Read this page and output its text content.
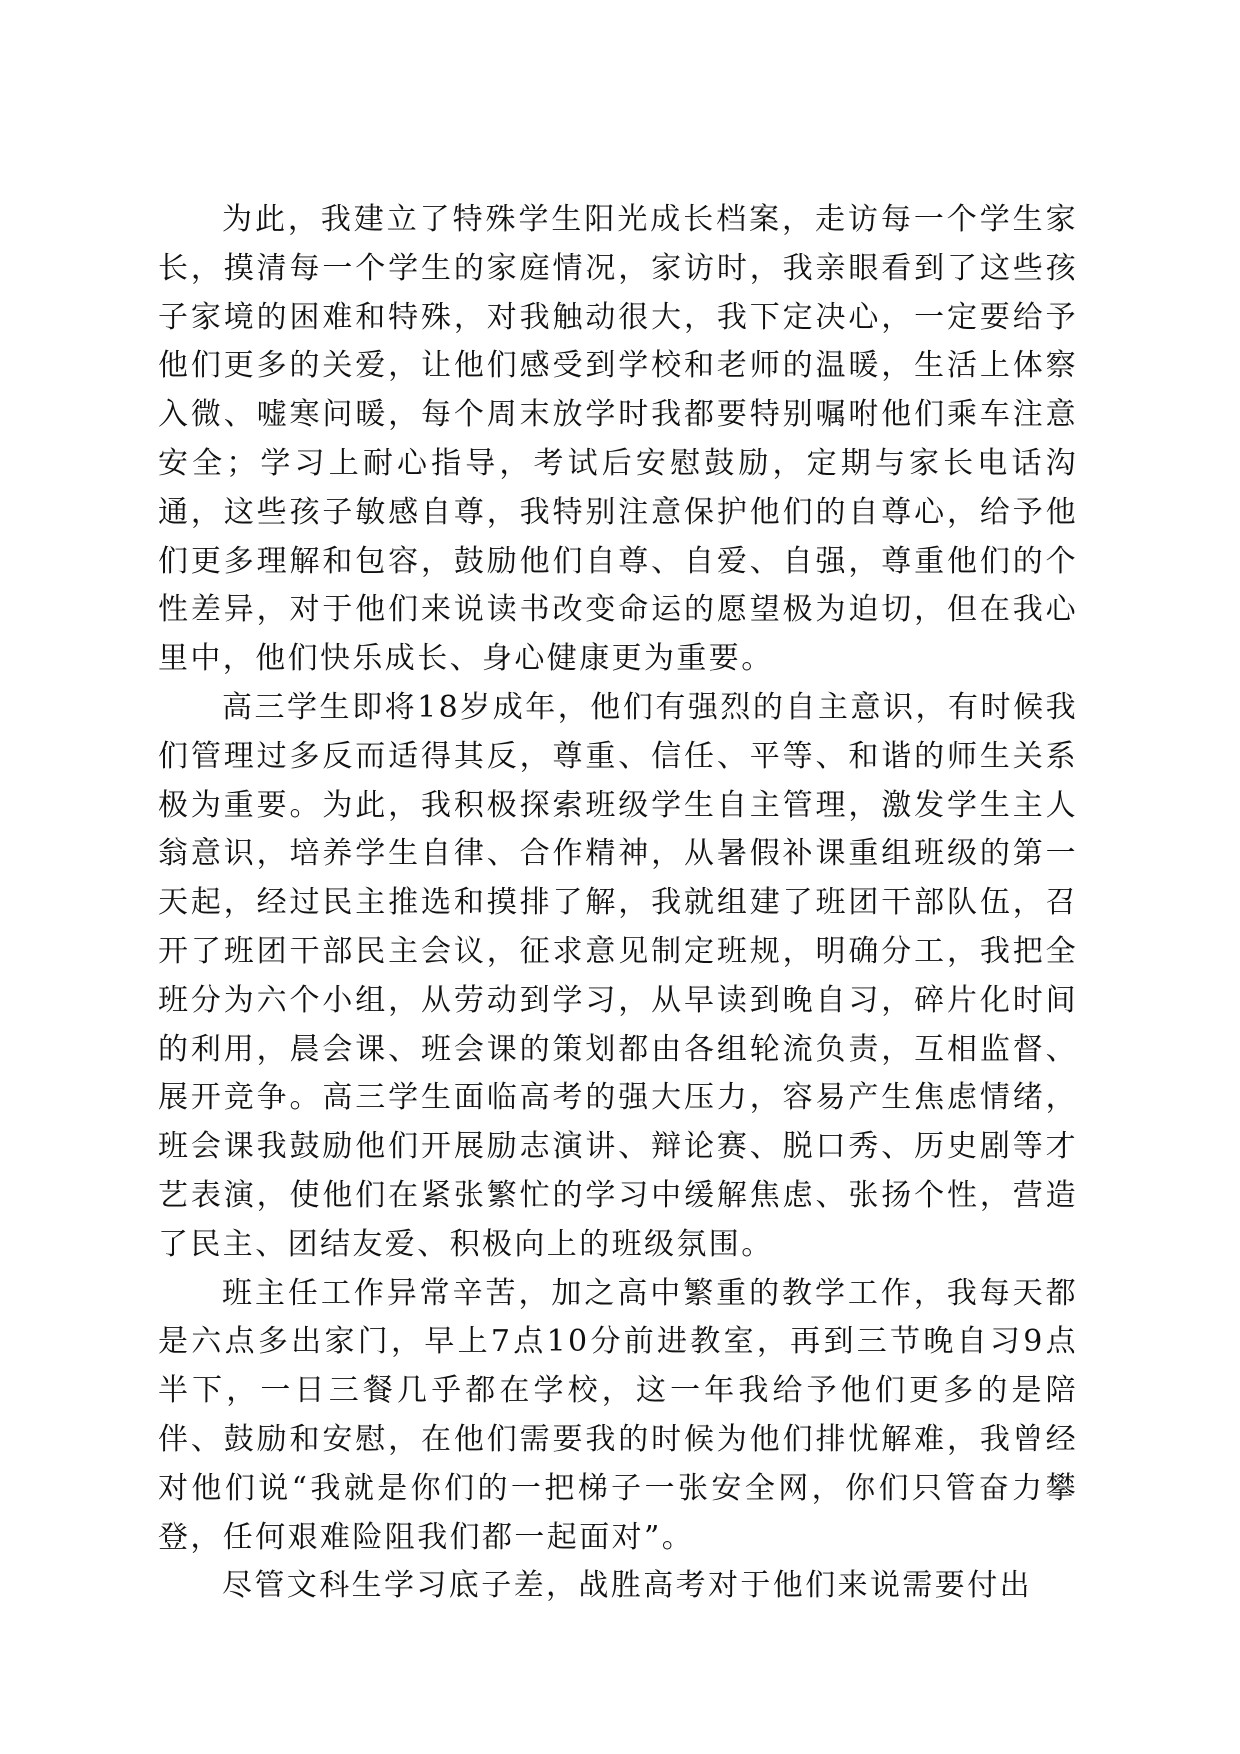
为此，我建立了特殊学生阳光成长档案，走访每一个学生家长，摸清每一个学生的家庭情况，家访时，我亲眼看到了这些孩子家境的困难和特殊，对我触动很大，我下定决心，一定要给予他们更多的关爱，让他们感受到学校和老师的温暖，生活上体察入微、嘘寒问暖，每个周末放学时我都要特别嘱咐他们乘车注意安全；学习上耐心指导，考试后安慰鼓励，定期与家长电话沟通，这些孩子敏感自尊，我特别注意保护他们的自尊心，给予他们更多理解和包容，鼓励他们自尊、自爱、自强，尊重他们的个性差异，对于他们来说读书改变命运的愿望极为迫切，但在我心里中，他们快乐成长、身心健康更为重要。

高三学生即将18岁成年，他们有强烈的自主意识，有时候我们管理过多反而适得其反，尊重、信任、平等、和谐的师生关系极为重要。为此，我积极探索班级学生自主管理，激发学生主人翁意识，培养学生自律、合作精神，从暑假补课重组班级的第一天起，经过民主推选和摸排了解，我就组建了班团干部队伍，召开了班团干部民主会议，征求意见制定班规，明确分工，我把全班分为六个小组，从劳动到学习，从早读到晚自习，碎片化时间的利用，晨会课、班会课的策划都由各组轮流负责，互相监督、展开竞争。高三学生面临高考的强大压力，容易产生焦虑情绪，班会课我鼓励他们开展励志演讲、辩论赛、脱口秀、历史剧等才艺表演，使他们在紧张繁忙的学习中缓解焦虑、张扬个性，营造了民主、团结友爱、积极向上的班级氛围。

班主任工作异常辛苦，加之高中繁重的教学工作，我每天都是六点多出家门，早上7点10分前进教室，再到三节晚自习9点半下，一日三餐几乎都在学校，这一年我给予他们更多的是陪伴、鼓励和安慰，在他们需要我的时候为他们排忧解难，我曾经对他们说“我就是你们的一把梯子一张安全网，你们只管奋力攀登，任何艰难险阻我们都一起面对”。

尽管文科生学习底子差，战胜高考对于他们来说需要付出
